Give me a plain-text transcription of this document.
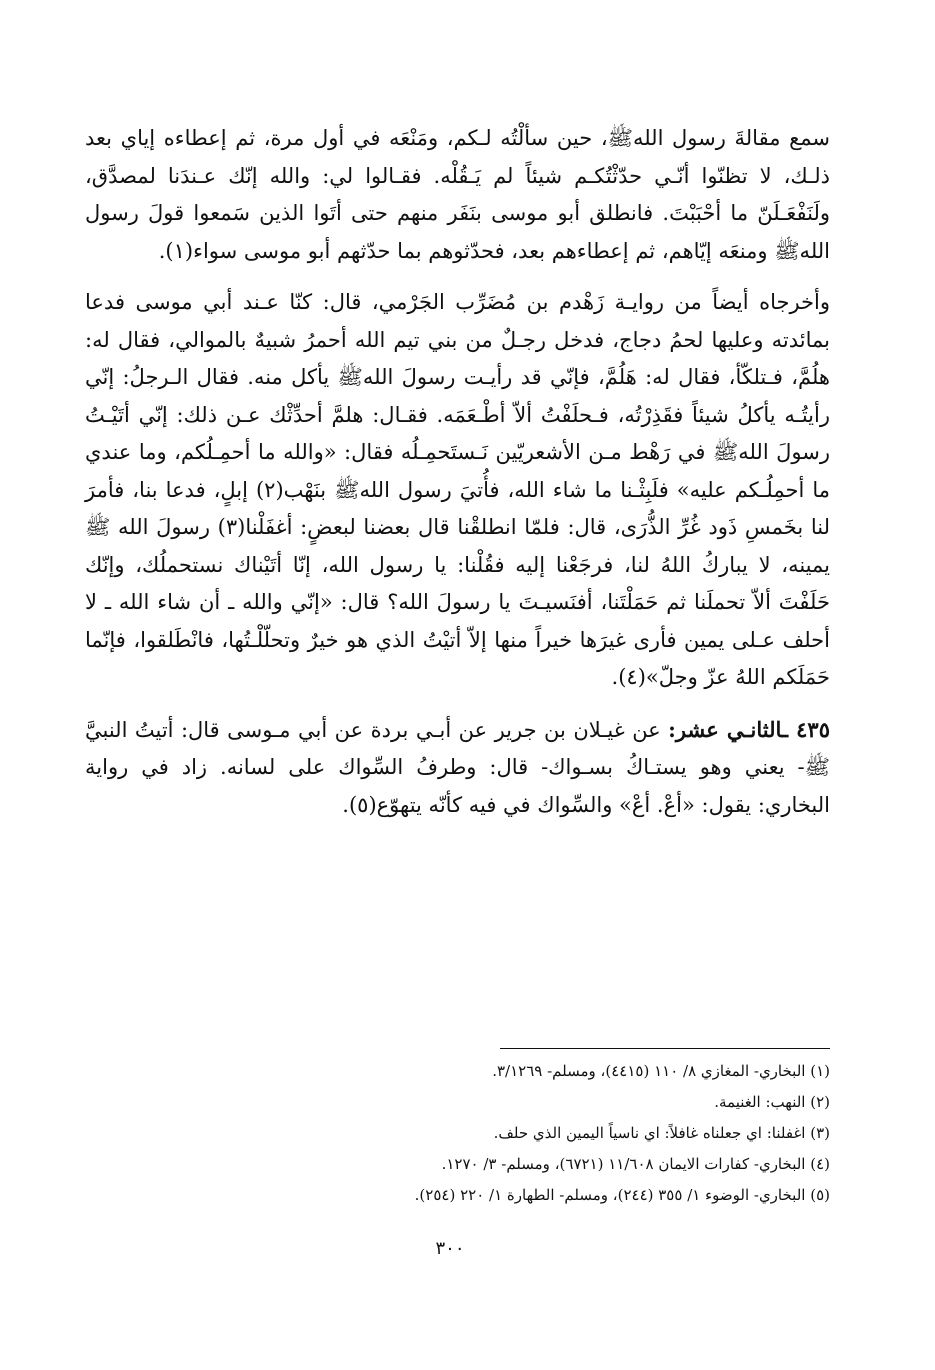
سمع مقالةَ رسول اللهﷺ، حين سألْتُه لـكم، ومَنْعَه في أول مرة، ثم إعطاءه إياي بعد ذلـك، لا تظنّوا أنّـي حدّثْتُكـم شيئاً لم يَـقُلْه. فقـالوا لي: والله إنّك عـندَنا لمصدَّق، ولَنَفْعَـلَنّ ما أحْبَبْتَ. فانطلق أبو موسى بنَفَر منهم حتى أتَوا الذين سَمعوا قولَ رسول اللهﷺ ومنعَه إيّاهم، ثم إعطاءهم بعد، فحدّثوهم بما حدّثهم أبو موسى سواء(١).

وأخرجاه أيضاً من روايـة زَهْدم بن مُضَرِّب الجَرْمي، قال: كنّا عـند أبي موسى فدعا بمائدته وعليها لحمُ دجاج، فدخل رجـلٌ من بني تيم الله أحمرُ شبيهٌ بالموالي، فقال له: هلُمَّ، فـتلكّأ، فقال له: هَلُمَّ، فإنّي قد رأيـت رسولَ اللهﷺ يأكل منه. فقال الـرجلُ: إنّي رأيتُـه يأكلُ شيئاً فقَذِرْتُه، فـحلَفْتُ ألاّ أطْـعَمَه. فقـال: هلمَّ أحدِّثْك عـن ذلك: إنّي أتَيْـتُ رسولَ اللهﷺ في رَهْط مـن الأشعريّين نَـستَحمِـلُه فقال: «والله ما أحمِـلُكم، وما عندي ما أحمِلُـكم عليه» فلَبِثْـنا ما شاء الله، فأُتيَ رسول اللهﷺ بنَهْب(٢) إبلٍ، فدعا بنا، فأمرَ لنا بخَمسِ ذَود غُرِّ الذُّرَى، قال: فلمّا انطلقْنا قال بعضنا لبعضٍ: أغفَلْنا(٣) رسولَ الله ﷺ يمينه، لا يباركُ اللهُ لنا، فرجَعْنا إليه فقُلْنا: يا رسول الله، إنّا أتَيْناك نستحملُك، وإنّك حَلَفْتَ ألاّ تحملَنا ثم حَمَلْتَنا، أفنَسيـتَ يا رسولَ الله؟ قال: «إنّي والله ـ أن شاء الله ـ لا أحلف عـلى يمين فأرى غيرَها خيراً منها إلاّ أتيْتُ الذي هو خيرٌ وتحلّلْـتُها، فانْطَلقوا، فإنّما حَمَلَكم اللهُ عزّ وجلّ»(٤).

٤٣٥ ـالثانـي عشر: عن غيـلان بن جرير عن أبـي بردة عن أبي مـوسى قال: أتيتُ النبيَّ ﷺ- يعني وهو يستـاكُ بسـواك- قال: وطرفُ السِّواك على لسانه. زاد في رواية البخاري: يقول: «أعْ. أعْ» والسِّواك في فيه كأنّه يتهوّع(٥).

(١) البخاري- المغازي ٨/ ١١٠ (٤٤١٥)، ومسلم- ٣/١٢٦٩.

(٢) النهب: الغنيمة.

(٣) اغفلنا: اي جعلناه غافلاً: اي ناسياً اليمين الذي حلف.

(٤) البخاري- كفارات الايمان ١١/٦٠٨ (٦٧٢١)، ومسلم- ٣/ ١٢٧٠.

(٥) البخاري- الوضوء ١/ ٣٥٥ (٢٤٤)، ومسلم- الطهارة ١/ ٢٢٠ (٢٥٤).

٣٠٠
